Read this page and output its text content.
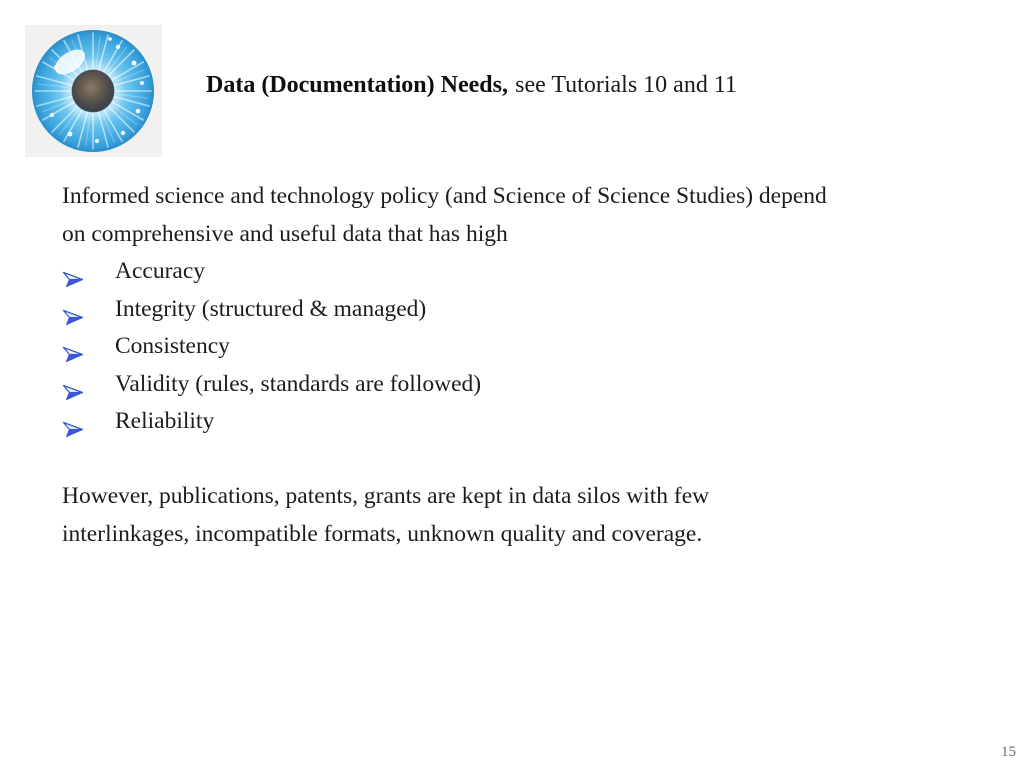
Data (Documentation) Needs, see Tutorials 10 and 11
Informed science and technology policy (and Science of Science Studies) depend
on comprehensive and useful data that has high
Accuracy
Integrity (structured & managed)
Consistency
Validity (rules, standards are followed)
Reliability
However, publications, patents, grants are kept in data silos with few
interlinkages, incompatible formats, unknown quality and coverage.
15
